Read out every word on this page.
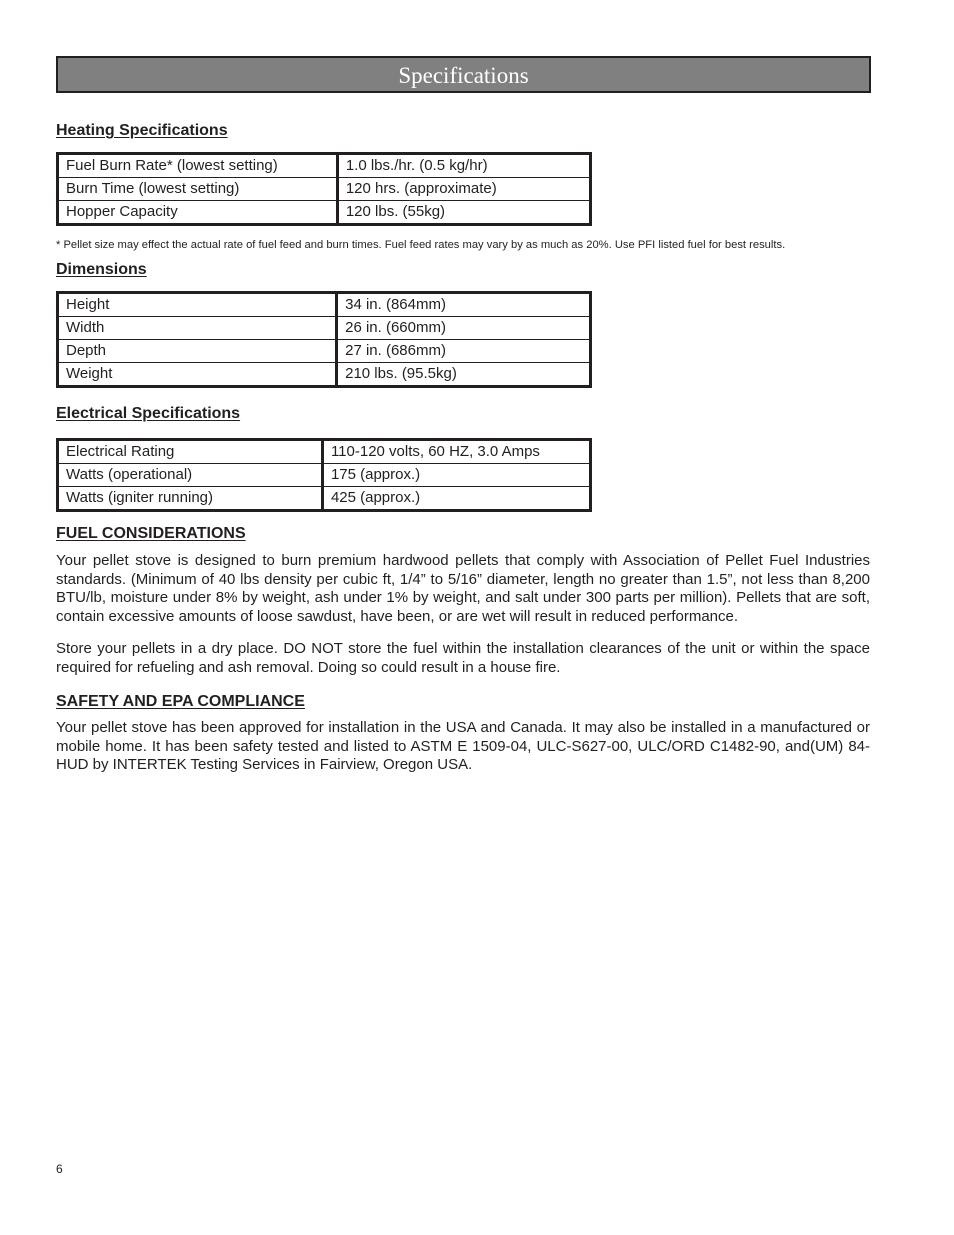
Specifications
Heating Specifications
Fuel Burn Rate* (lowest setting)	1.0 lbs./hr. (0.5 kg/hr)
Burn Time (lowest setting)	120 hrs. (approximate)
Hopper Capacity	120 lbs. (55kg)

* Pellet size may effect the actual rate of fuel feed and burn times. Fuel feed rates may vary by as much as 20%. Use PFI listed fuel for best results.

Dimensions
Height	34 in. (864mm)
Width	26 in. (660mm)
Depth	27 in. (686mm)
Weight	210 lbs. (95.5kg)
Electrical Specifications
Electrical Rating	110-120 volts, 60 HZ, 3.0 Amps
Watts (operational)	175 (approx.)
Watts (igniter running)	425 (approx.)
FUEL CONSIDERATIONS

Your pellet stove is designed to burn premium hardwood pellets that comply with Association of Pellet Fuel Industries standards. (Minimum of 40 lbs density per cubic ft, 1/4” to 5/16” diameter, length no greater than 1.5”, not less than 8,200 BTU/lb, moisture under 8% by weight, ash under 1% by weight, and salt under 300 parts per million). Pellets that are soft, contain excessive amounts of loose sawdust, have been, or are wet will result in reduced performance.

Store your pellets in a dry place. DO NOT store the fuel within the installation clearances of the unit or within the space required for refueling and ash removal. Doing so could result in a house fire.

SAFETY AND EPA COMPLIANCE

Your pellet stove has been approved for installation in the USA and Canada. It may also be installed in a manufactured or mobile home. It has been safety tested and listed to ASTM E 1509-04, ULC-S627-00, ULC/ORD C1482-90, and(UM) 84-HUD by INTERTEK Testing Services in Fairview, Oregon USA.

6
